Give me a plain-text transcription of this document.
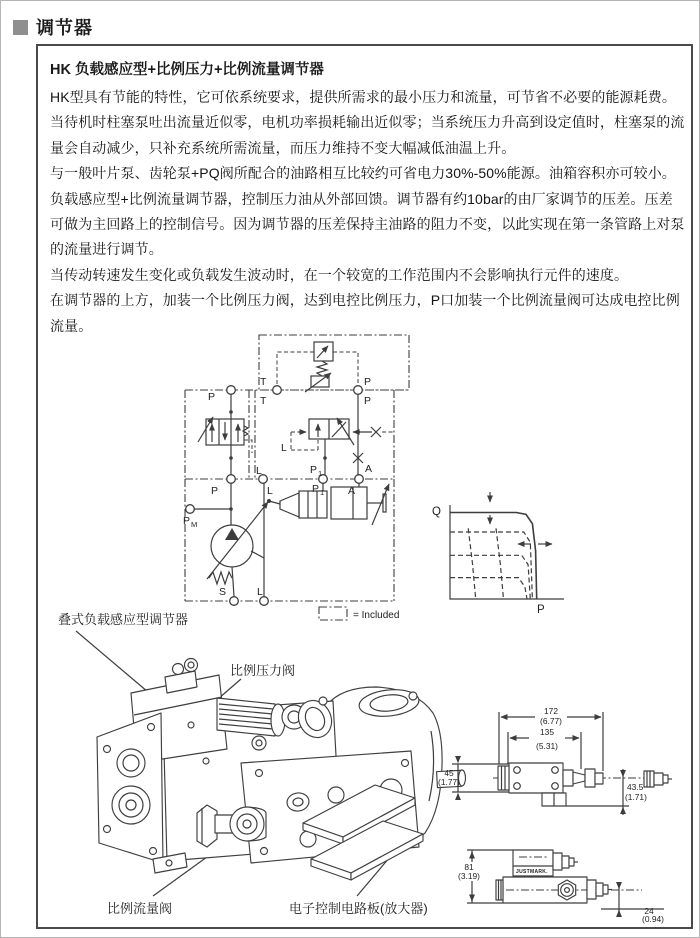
调节器
HK 负载感应型+比例压力+比例流量调节器
HK型具有节能的特性，它可依系统要求，提供所需求的最小压力和流量，可节省不必要的能源耗费。
当待机时柱塞泵吐出流量近似零，电机功率损耗输出近似零；当系统压力升高到设定值时，柱塞泵的流
量会自动减少，只补充系统所需流量，而压力维持不变大幅减低油温上升。
与一般叶片泵、齿轮泵+PQ阀所配合的油路相互比较约可省电力30%-50%能源。油箱容积亦可较小。
负载感应型+比例流量调节器，控制压力油从外部回馈。调节器有约10bar的由厂家调节的压差。压差
可做为主回路上的控制信号。因为调节器的压差保持主油路的阻力不变，以此实现在第一条管路上对泵
的流量进行调节。
当传动转速发生变化或负载发生波动时，在一个较宽的工作范围内不会影响执行元件的速度。
在调节器的上方，加装一个比例压力阀，达到电控比例压力，P口加装一个比例流量阀可达成电控比例
流量。
T
T
P
P
P
L
L	P 1	A
P	L	P 1 A
P M
S	L
= Included
Q
P
叠式负载感应型调节器
比例压力阀
比例流量阀	电子控制电路板(放大器)
172
(6.77)
135
(5.31)
45
(1.77)	43.5
(1.71)
JUSTMARK.
81
(3.19)
24
(0.94)
